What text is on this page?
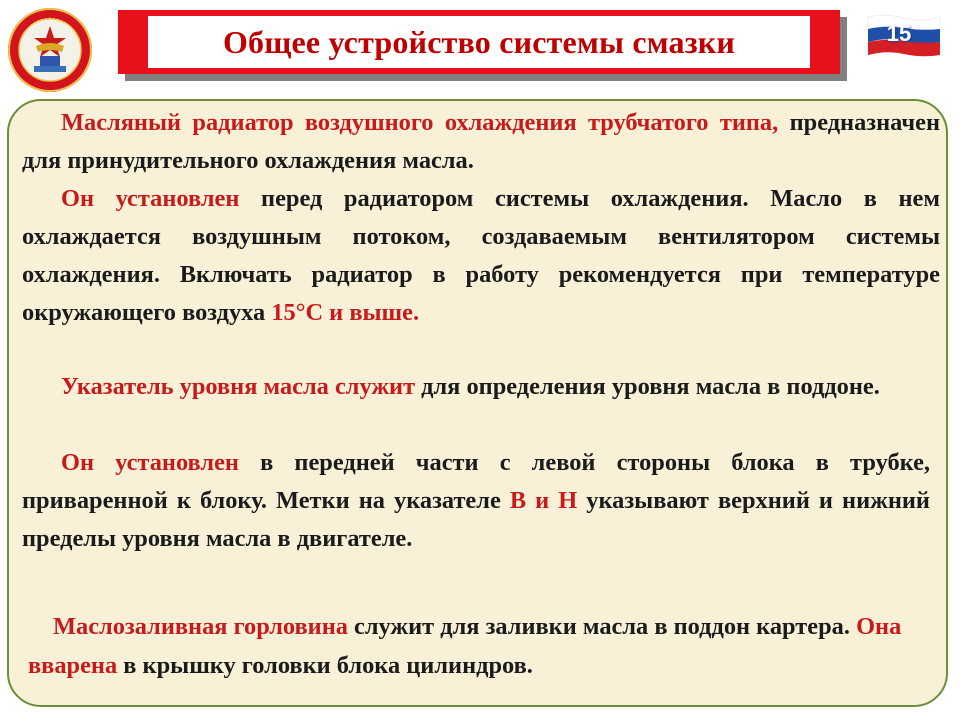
Общее устройство системы смазки	15

Масляный радиатор воздушного охлаждения трубчатого типа, предназначен для принудительного охлаждения масла.

Он установлен перед радиатором системы охлаждения. Масло в нем охлаждается воздушным потоком, создаваемым вентилятором системы охлаждения. Включать радиатор в работу рекомендуется при температуре окружающего воздуха 15°С и выше.

Указатель уровня масла служит для определения уровня масла в поддоне.

Он установлен в передней части с левой стороны блока в трубке, приваренной к блоку. Метки на указателе В и Н указывают верхний и нижний пределы уровня масла в двигателе.

Маслозаливная горловина служит для заливки масла в поддон картера. Она вварена в крышку головки блока цилиндров.
